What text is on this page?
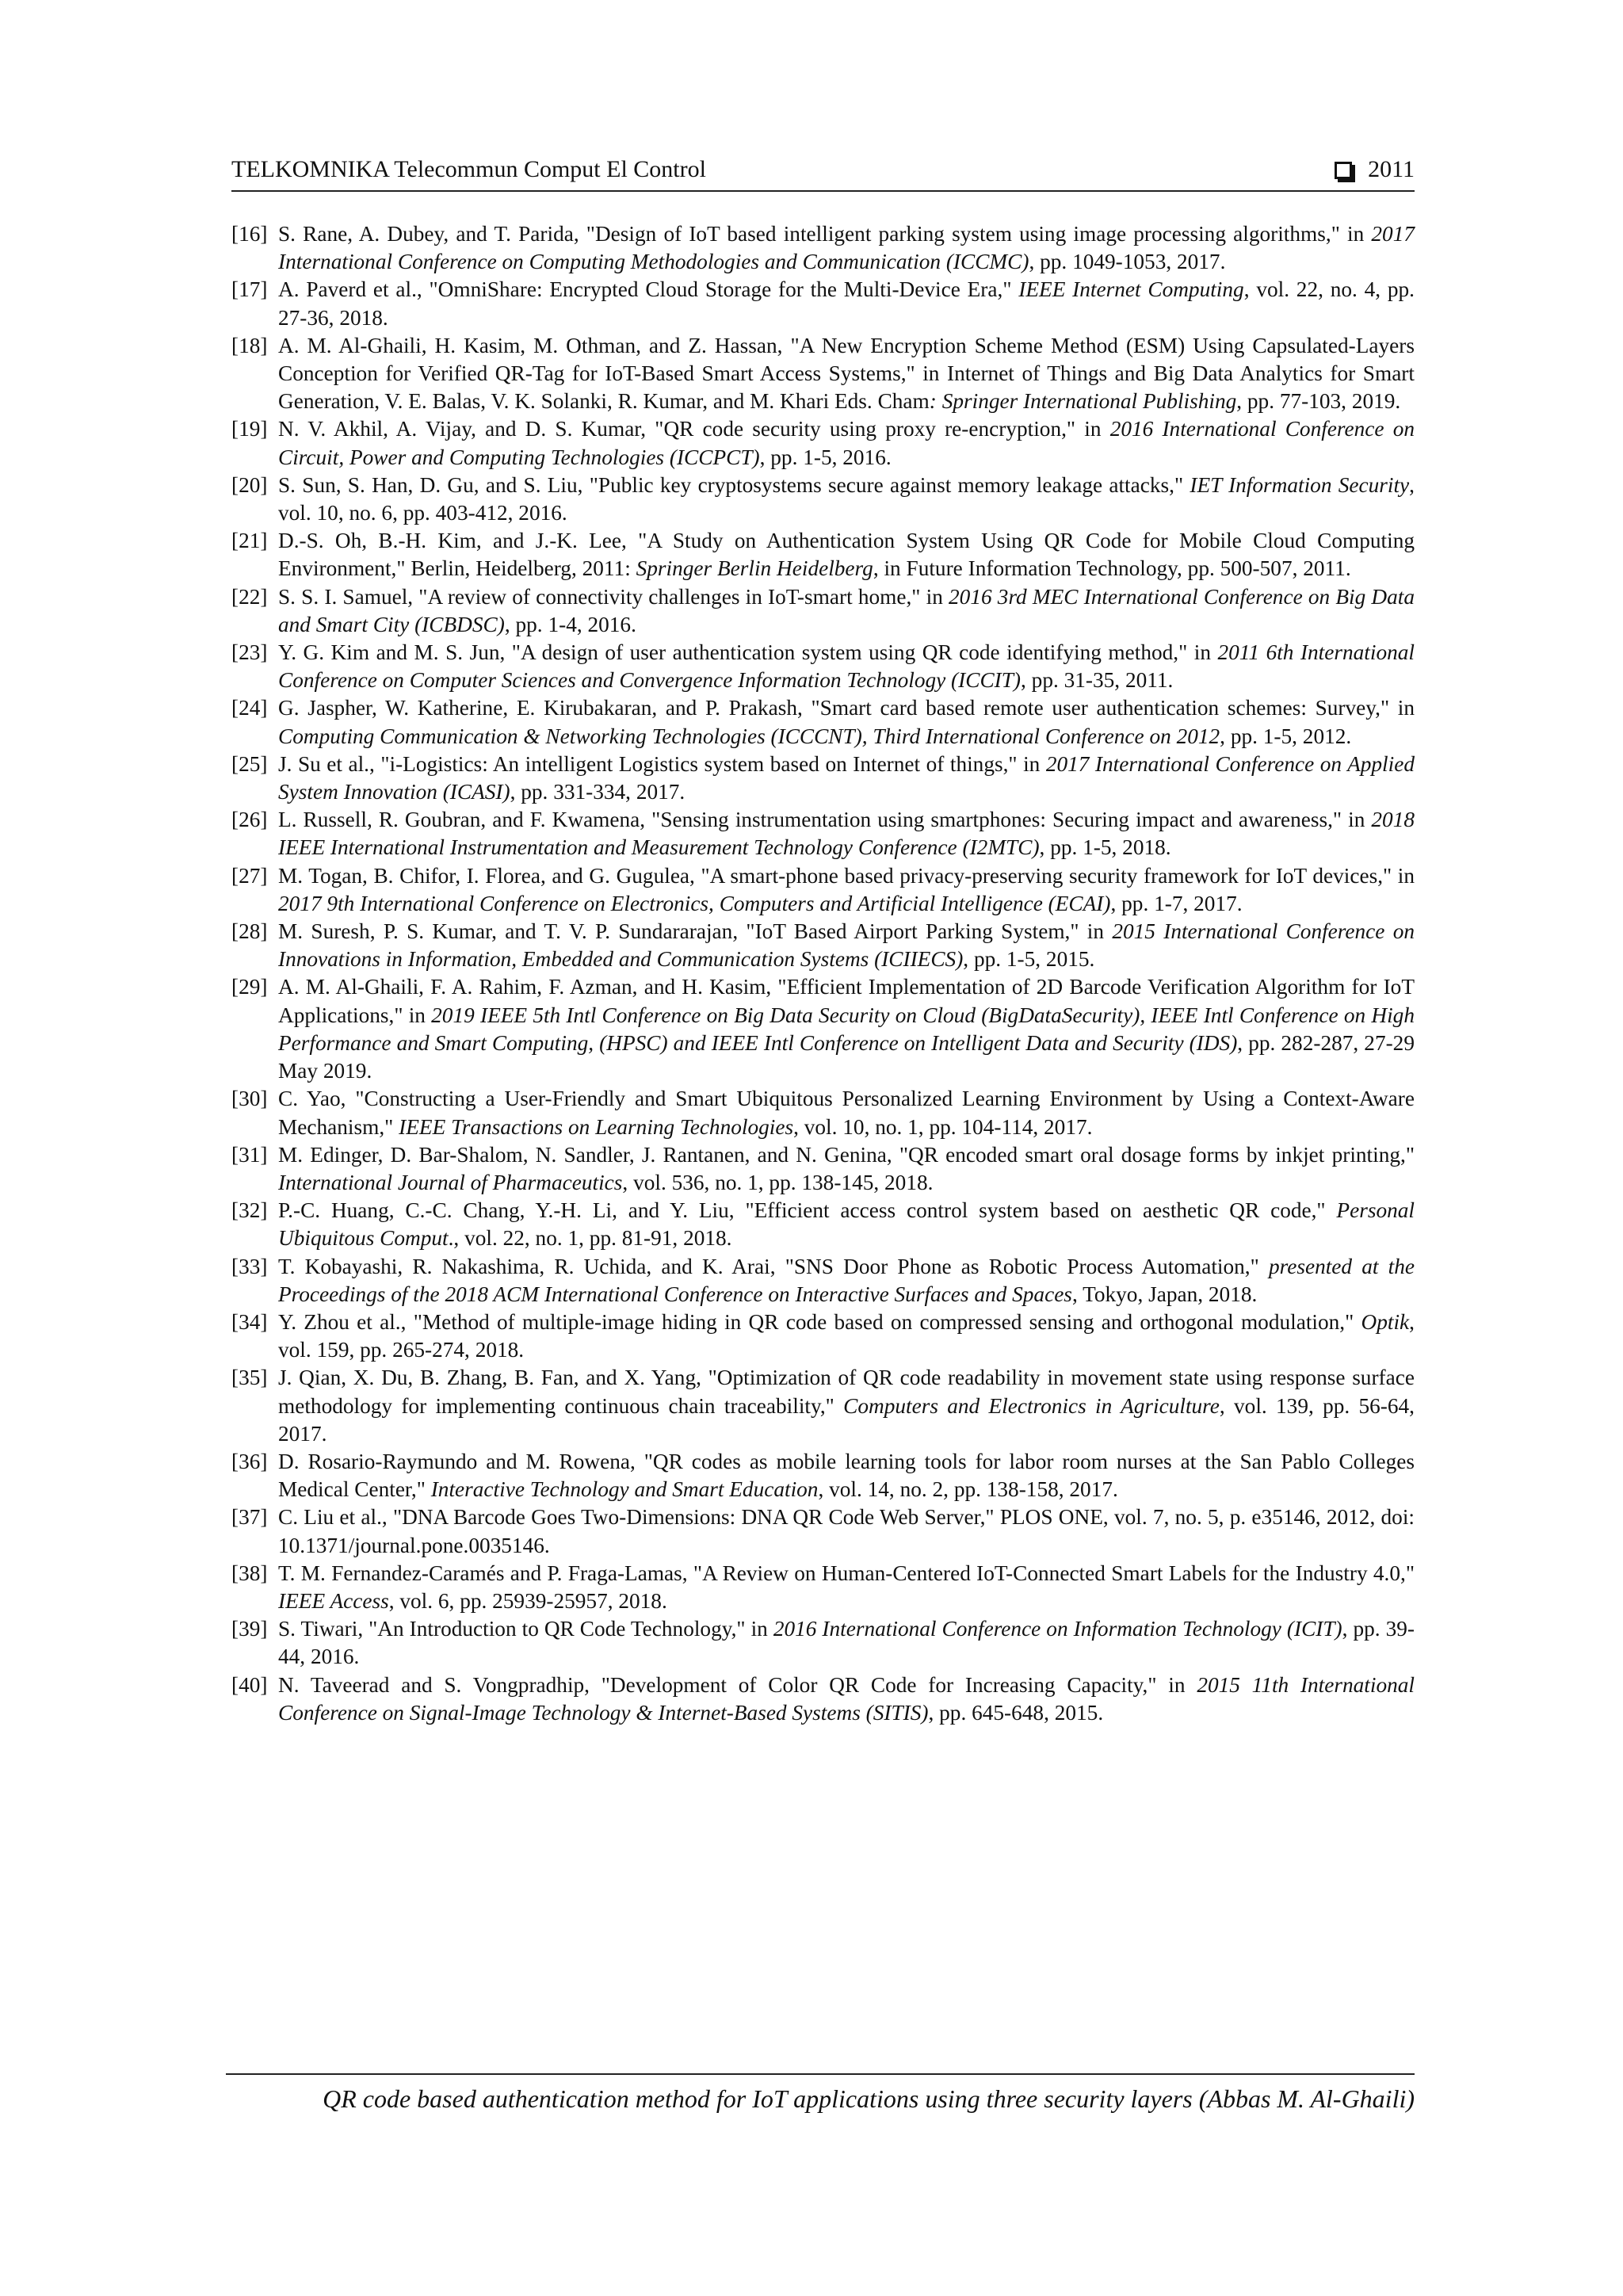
TELKOMNIKA Telecommun Comput El Control	2011

[16] S. Rane, A. Dubey, and T. Parida, "Design of IoT based intelligent parking system using image processing algorithms," in 2017 International Conference on Computing Methodologies and Communication (ICCMC), pp. 1049-1053, 2017.

[17] A. Paverd et al., "OmniShare: Encrypted Cloud Storage for the Multi-Device Era," IEEE Internet Computing, vol. 22, no. 4, pp. 27-36, 2018.

[18] A. M. Al-Ghaili, H. Kasim, M. Othman, and Z. Hassan, "A New Encryption Scheme Method (ESM) Using Capsulated-Layers Conception for Verified QR-Tag for IoT-Based Smart Access Systems," in Internet of Things and Big Data Analytics for Smart Generation, V. E. Balas, V. K. Solanki, R. Kumar, and M. Khari Eds. Cham: Springer International Publishing, pp. 77-103, 2019.

[19] N. V. Akhil, A. Vijay, and D. S. Kumar, "QR code security using proxy re-encryption," in 2016 International Conference on Circuit, Power and Computing Technologies (ICCPCT), pp. 1-5, 2016.

[20] S. Sun, S. Han, D. Gu, and S. Liu, "Public key cryptosystems secure against memory leakage attacks," IET Information Security, vol. 10, no. 6, pp. 403-412, 2016.

[21] D.-S. Oh, B.-H. Kim, and J.-K. Lee, "A Study on Authentication System Using QR Code for Mobile Cloud Computing Environment," Berlin, Heidelberg, 2011: Springer Berlin Heidelberg, in Future Information Technology, pp. 500-507, 2011.

[22] S. S. I. Samuel, "A review of connectivity challenges in IoT-smart home," in 2016 3rd MEC International Conference on Big Data and Smart City (ICBDSC), pp. 1-4, 2016.

[23] Y. G. Kim and M. S. Jun, "A design of user authentication system using QR code identifying method," in 2011 6th International Conference on Computer Sciences and Convergence Information Technology (ICCIT), pp. 31-35, 2011.

[24] G. Jaspher, W. Katherine, E. Kirubakaran, and P. Prakash, "Smart card based remote user authentication schemes: Survey," in Computing Communication & Networking Technologies (ICCCNT), Third International Conference on 2012, pp. 1-5, 2012.

[25] J. Su et al., "i-Logistics: An intelligent Logistics system based on Internet of things," in 2017 International Conference on Applied System Innovation (ICASI), pp. 331-334, 2017.

[26] L. Russell, R. Goubran, and F. Kwamena, "Sensing instrumentation using smartphones: Securing impact and awareness," in 2018 IEEE International Instrumentation and Measurement Technology Conference (I2MTC), pp. 1-5, 2018.

[27] M. Togan, B. Chifor, I. Florea, and G. Gugulea, "A smart-phone based privacy-preserving security framework for IoT devices," in 2017 9th International Conference on Electronics, Computers and Artificial Intelligence (ECAI), pp. 1-7, 2017.

[28] M. Suresh, P. S. Kumar, and T. V. P. Sundararajan, "IoT Based Airport Parking System," in 2015 International Conference on Innovations in Information, Embedded and Communication Systems (ICIIECS), pp. 1-5, 2015.

[29] A. M. Al-Ghaili, F. A. Rahim, F. Azman, and H. Kasim, "Efficient Implementation of 2D Barcode Verification Algorithm for IoT Applications," in 2019 IEEE 5th Intl Conference on Big Data Security on Cloud (BigDataSecurity), IEEE Intl Conference on High Performance and Smart Computing, (HPSC) and IEEE Intl Conference on Intelligent Data and Security (IDS), pp. 282-287, 27-29 May 2019.

[30] C. Yao, "Constructing a User-Friendly and Smart Ubiquitous Personalized Learning Environment by Using a Context-Aware Mechanism," IEEE Transactions on Learning Technologies, vol. 10, no. 1, pp. 104-114, 2017.

[31] M. Edinger, D. Bar-Shalom, N. Sandler, J. Rantanen, and N. Genina, "QR encoded smart oral dosage forms by inkjet printing," International Journal of Pharmaceutics, vol. 536, no. 1, pp. 138-145, 2018.

[32] P.-C. Huang, C.-C. Chang, Y.-H. Li, and Y. Liu, "Efficient access control system based on aesthetic QR code," Personal Ubiquitous Comput., vol. 22, no. 1, pp. 81-91, 2018.

[33] T. Kobayashi, R. Nakashima, R. Uchida, and K. Arai, "SNS Door Phone as Robotic Process Automation," presented at the Proceedings of the 2018 ACM International Conference on Interactive Surfaces and Spaces, Tokyo, Japan, 2018.

[34] Y. Zhou et al., "Method of multiple-image hiding in QR code based on compressed sensing and orthogonal modulation," Optik, vol. 159, pp. 265-274, 2018.

[35] J. Qian, X. Du, B. Zhang, B. Fan, and X. Yang, "Optimization of QR code readability in movement state using response surface methodology for implementing continuous chain traceability," Computers and Electronics in Agriculture, vol. 139, pp. 56-64, 2017.

[36] D. Rosario-Raymundo and M. Rowena, "QR codes as mobile learning tools for labor room nurses at the San Pablo Colleges Medical Center," Interactive Technology and Smart Education, vol. 14, no. 2, pp. 138-158, 2017.

[37] C. Liu et al., "DNA Barcode Goes Two-Dimensions: DNA QR Code Web Server," PLOS ONE, vol. 7, no. 5, p. e35146, 2012, doi: 10.1371/journal.pone.0035146.

[38] T. M. Fernandez-Caramés and P. Fraga-Lamas, "A Review on Human-Centered IoT-Connected Smart Labels for the Industry 4.0," IEEE Access, vol. 6, pp. 25939-25957, 2018.

[39] S. Tiwari, "An Introduction to QR Code Technology," in 2016 International Conference on Information Technology (ICIT), pp. 39-44, 2016.

[40] N. Taveerad and S. Vongpradhip, "Development of Color QR Code for Increasing Capacity," in 2015 11th International Conference on Signal-Image Technology & Internet-Based Systems (SITIS), pp. 645-648, 2015.

QR code based authentication method for IoT applications using three security layers (Abbas M. Al-Ghaili)
